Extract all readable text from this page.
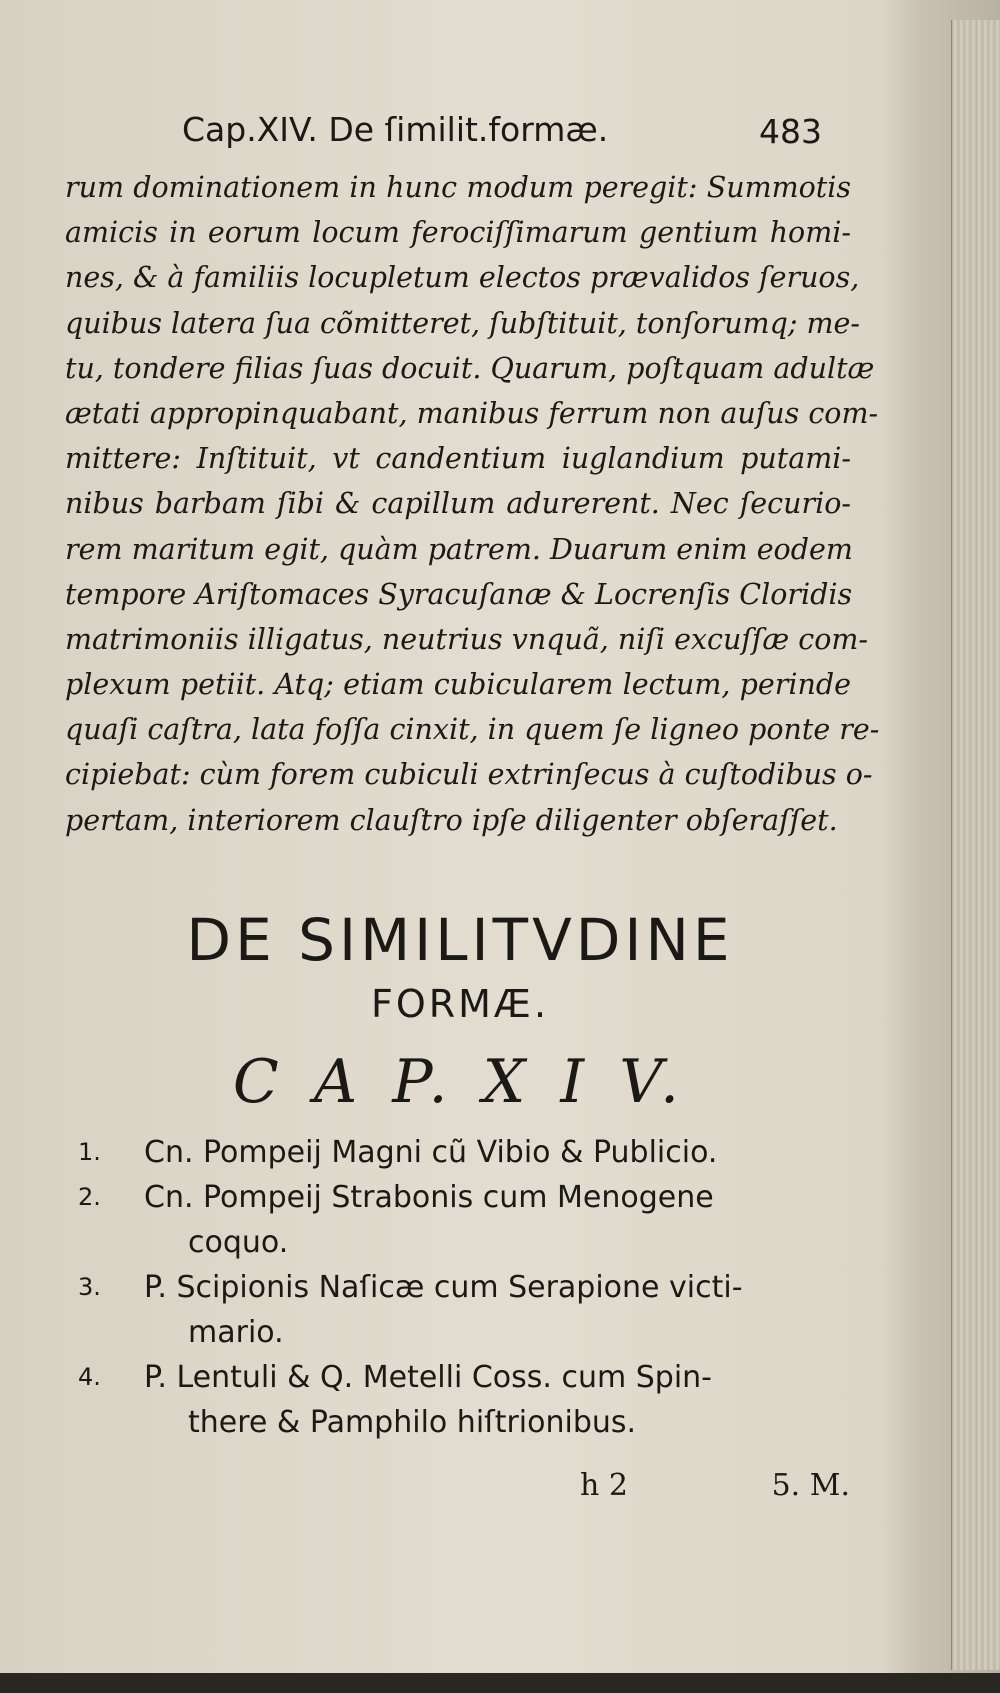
Cap.XIV. De ſimilit.formæ.	483
rum dominationem in hunc modum peregit: Summotis
amicis in eorum locum ferociſſimarum gentium homi-
nes, & à familiis locupletum electos prævalidos ſeruos,
quibus latera ſua cõmitteret, ſubſtituit, tonſorumq; me-
tu, tondere filias ſuas docuit. Quarum, poſtquam adultæ
ætati appropinquabant, manibus ferrum non auſus com-
mittere: Inſtituit, vt candentium iuglandium putami-
nibus barbam ſibi & capillum adurerent. Nec ſecurio-
rem maritum egit, quàm patrem. Duarum enim eodem
tempore Ariſtomaces Syracuſanæ & Locrenſis Cloridis
matrimoniis illigatus, neutrius vnquã, niſi excuſſæ com-
plexum petiit. Atq; etiam cubicularem lectum, perinde
quaſi caſtra, lata foſſa cinxit, in quem ſe ligneo ponte re-
cipiebat: cùm forem cubiculi extrinſecus à cuſtodibus o-
pertam, interiorem clauſtro ipſe diligenter obſeraſſet.
DE SIMILITVDINE
FORMÆ.
C A P. X I V.
1.	Cn. Pompeij Magni cũ Vibio & Publicio.
2.	Cn. Pompeij Strabonis cum Menogene
coquo.
3.	P. Scipionis Naſicæ cum Serapione victi-
mario.
4.	P. Lentuli & Q. Metelli Coss. cum Spin-
there & Pamphilo hiſtrionibus.
h 2	5. M.
